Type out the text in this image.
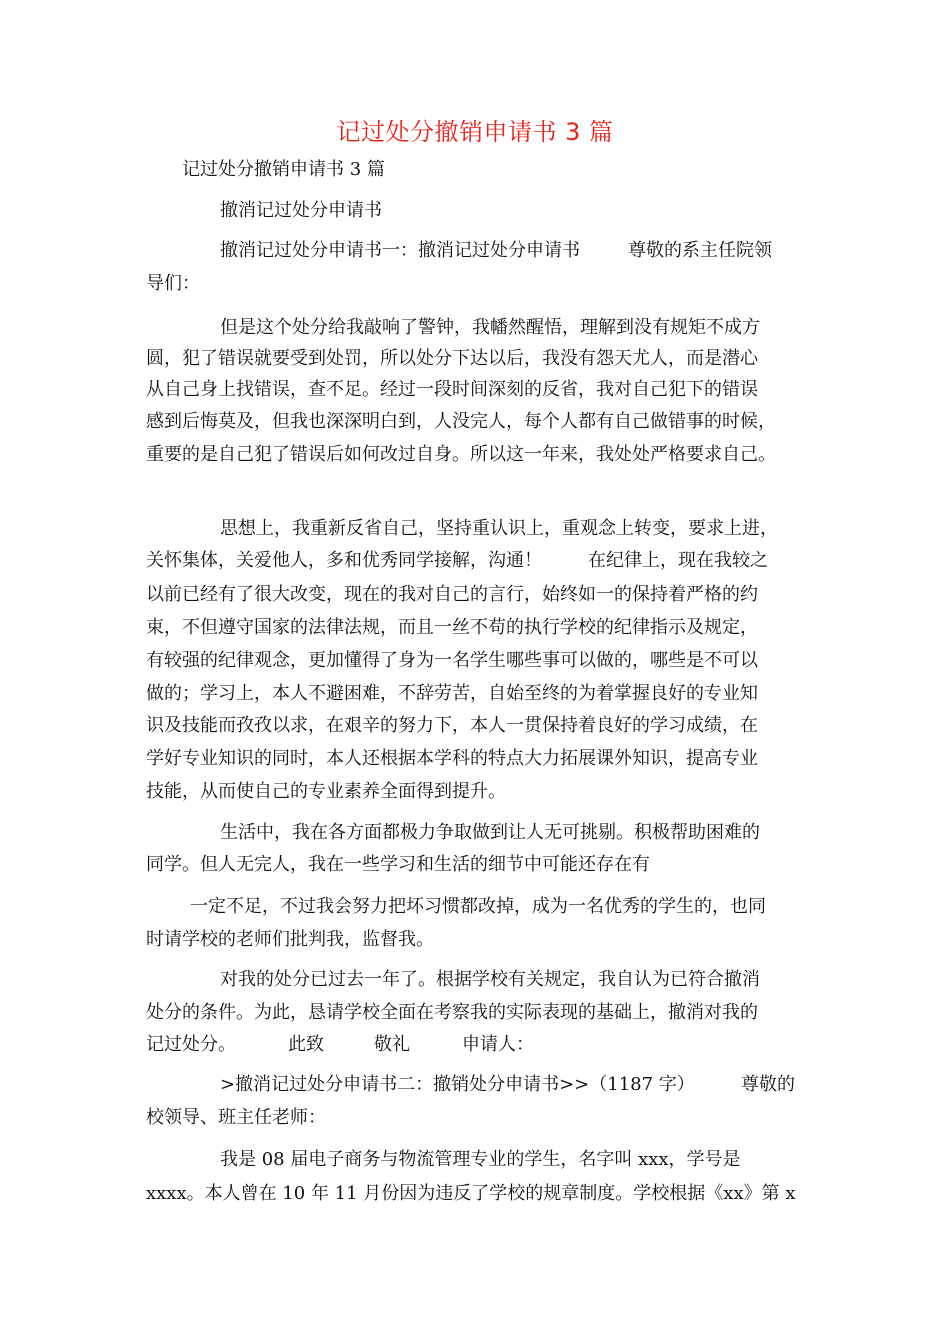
记过处分撤销申请书 3 篇
记过处分撤销申请书 3 篇
撤消记过处分申请书
撤消记过处分申请书一：撤消记过处分申请书	尊敬的系主任院领
导们：
但是这个处分给我敲响了警钟，我幡然醒悟，理解到没有规矩不成方
圆，犯了错误就要受到处罚，所以处分下达以后，我没有怨天尤人，而是潜心
从自己身上找错误，查不足。经过一段时间深刻的反省，我对自己犯下的错误
感到后悔莫及，但我也深深明白到，人没完人，每个人都有自己做错事的时候，
重要的是自己犯了错误后如何改过自身。所以这一年来，我处处严格要求自己。
思想上，我重新反省自己，坚持重认识上，重观念上转变，要求上进，
关怀集体，关爱他人，多和优秀同学接解，沟通！	在纪律上，现在我较之
以前已经有了很大改变，现在的我对自己的言行，始终如一的保持着严格的约
束，不但遵守国家的法律法规，而且一丝不苟的执行学校的纪律指示及规定，
有较强的纪律观念，更加懂得了身为一名学生哪些事可以做的，哪些是不可以
做的；学习上，本人不避困难，不辞劳苦，自始至终的为着掌握良好的专业知
识及技能而孜孜以求，在艰辛的努力下，本人一贯保持着良好的学习成绩，在
学好专业知识的同时，本人还根据本学科的特点大力拓展课外知识，提高专业
技能，从而使自己的专业素养全面得到提升。
生活中，我在各方面都极力争取做到让人无可挑剔。积极帮助困难的
同学。但人无完人，我在一些学习和生活的细节中可能还存在有
一定不足，不过我会努力把坏习惯都改掉，成为一名优秀的学生的，也同
时请学校的老师们批判我，监督我。
对我的处分已过去一年了。根据学校有关规定，我自认为已符合撤消
处分的条件。为此，恳请学校全面在考察我的实际表现的基础上，撤消对我的
记过处分。	此致	敬礼	申请人：
>撤消记过处分申请书二：撤销处分申请书>>（1187 字）	尊敬的
校领导、班主任老师：
我是 08 届电子商务与物流管理专业的学生，名字叫 xxx，学号是
xxxx。本人曾在 10 年 11 月份因为违反了学校的规章制度。学校根据《xx》第 x
